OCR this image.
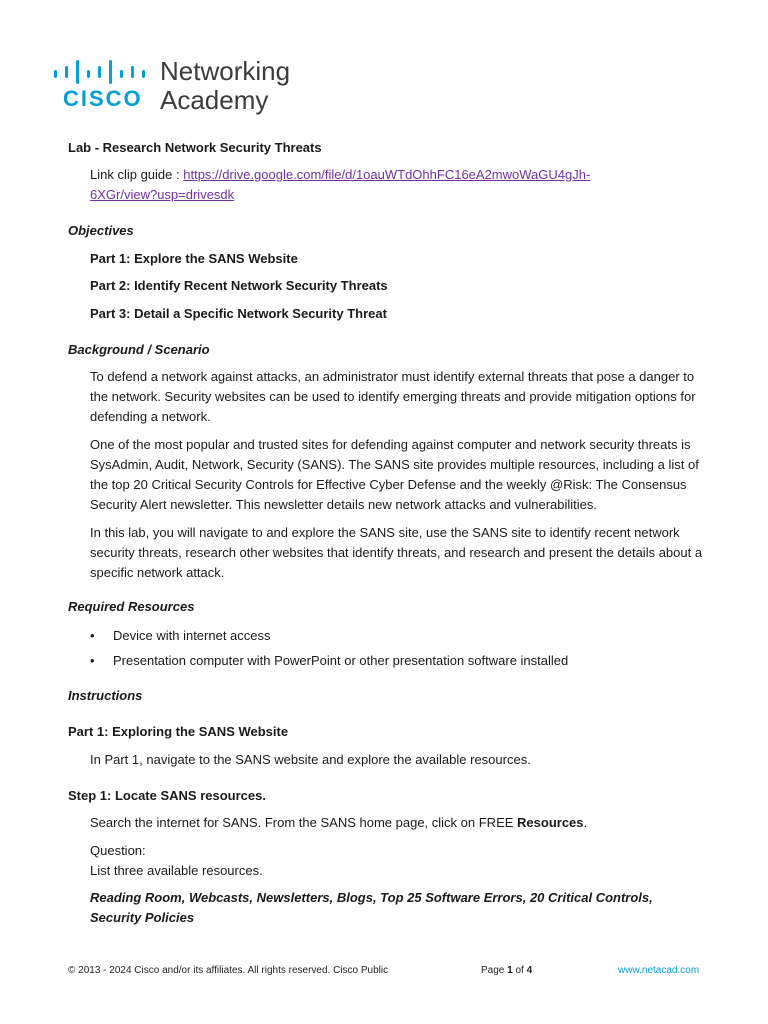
CISCO
Networking
Academy
Lab - Research Network Security Threats
Link clip guide : https://drive.google.com/file/d/1oauWTdOhhFC16eA2mwoWaGU4gJh-
6XGr/view?usp=drivesdk
Objectives
Part 1: Explore the SANS Website
Part 2: Identify Recent Network Security Threats
Part 3: Detail a Specific Network Security Threat
Background / Scenario
To defend a network against attacks, an administrator must identify external threats that pose a danger to the network. Security websites can be used to identify emerging threats and provide mitigation options for defending a network.
One of the most popular and trusted sites for defending against computer and network security threats is SysAdmin, Audit, Network, Security (SANS). The SANS site provides multiple resources, including a list of the top 20 Critical Security Controls for Effective Cyber Defense and the weekly @Risk: The Consensus Security Alert newsletter. This newsletter details new network attacks and vulnerabilities.
In this lab, you will navigate to and explore the SANS site, use the SANS site to identify recent network security threats, research other websites that identify threats, and research and present the details about a specific network attack.
Required Resources
• Device with internet access
• Presentation computer with PowerPoint or other presentation software installed
Instructions
Part 1: Exploring the SANS Website
In Part 1, navigate to the SANS website and explore the available resources.
Step 1: Locate SANS resources.
Search the internet for SANS. From the SANS home page, click on FREE Resources.
Question:
List three available resources.
Reading Room, Webcasts, Newsletters, Blogs, Top 25 Software Errors, 20 Critical Controls, Security Policies
© 2013 - 2024 Cisco and/or its affiliates. All rights reserved. Cisco Public	Page 1 of 4	www.netacad.com
